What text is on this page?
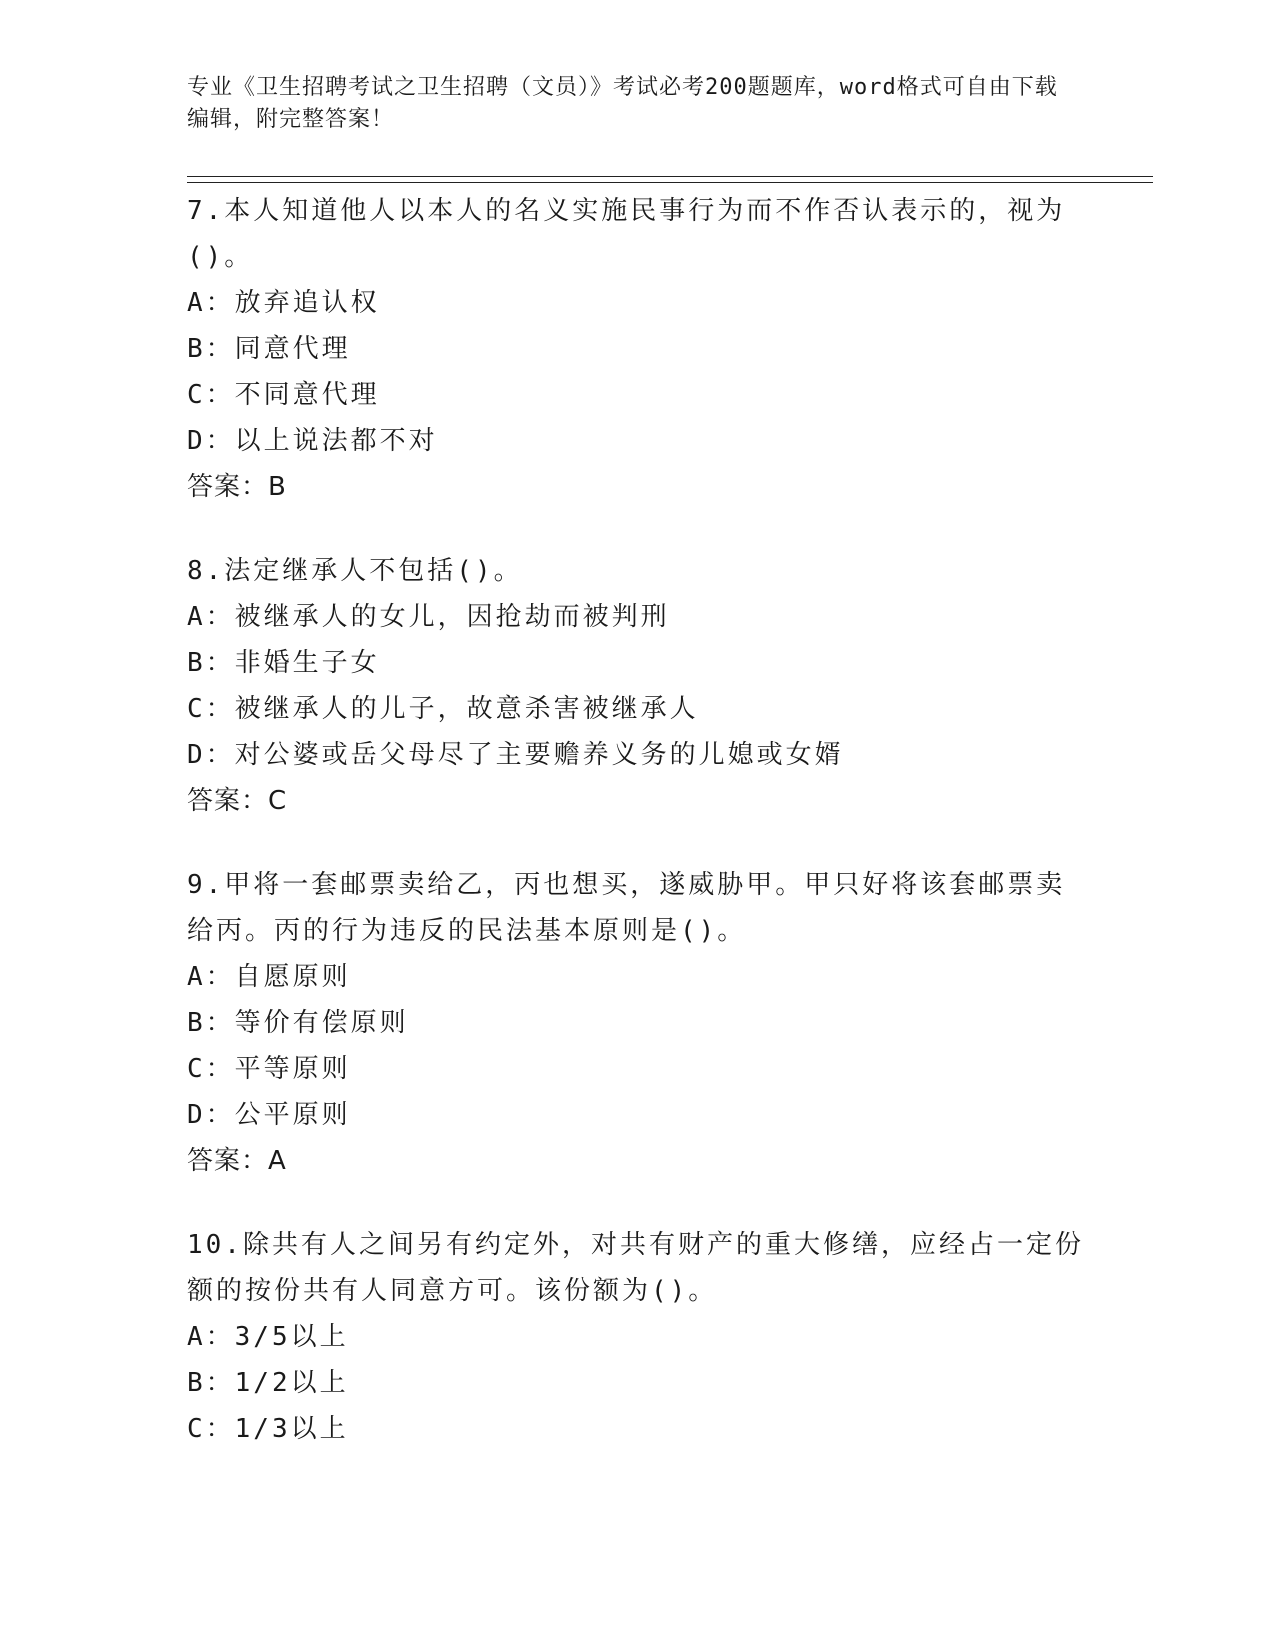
专业《卫生招聘考试之卫生招聘（文员）》考试必考200题题库，word格式可自由下载编辑，附完整答案！

7.本人知道他人以本人的名义实施民事行为而不作否认表示的，视为()。

A：放弃追认权

B：同意代理

C：不同意代理

D：以上说法都不对

答案：B

8.法定继承人不包括()。

A：被继承人的女儿，因抢劫而被判刑

B：非婚生子女

C：被继承人的儿子，故意杀害被继承人

D：对公婆或岳父母尽了主要赡养义务的儿媳或女婿

答案：C

9.甲将一套邮票卖给乙，丙也想买，遂威胁甲。甲只好将该套邮票卖给丙。丙的行为违反的民法基本原则是()。

A：自愿原则

B：等价有偿原则

C：平等原则

D：公平原则

答案：A

10.除共有人之间另有约定外，对共有财产的重大修缮，应经占一定份额的按份共有人同意方可。该份额为()。

A：3/5以上

B：1/2以上

C：1/3以上
